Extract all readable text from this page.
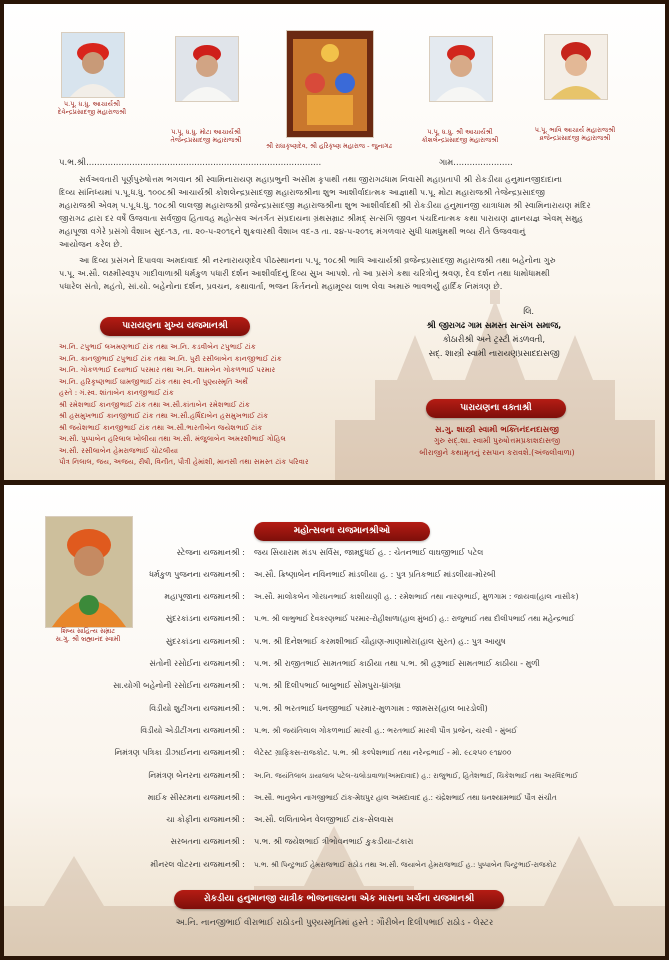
પ.પૂ. ધ.ધુ. આચાર્યશ્રી
દેવેન્દ્રપ્રસાદજી મહારાજશ્રી
પ.પૂ. ધ.ધુ. મોટા આચાર્યશ્રી
તેજેન્દ્રપ્રસાદજી મહારાજશ્રી
શ્રી રાધાકૃષ્ણદેવ, શ્રી હરિકૃષ્ણ મહારાજ - જુનાગઢ
પ.પૂ. ધ.ધુ. શ્રી આચાર્યશ્રી
કોશલેન્દ્રપ્રસાદજી મહારાજશ્રી
પ.પૂ. ભાવિ આચાર્ય મહારાજશ્રી
વ્રજેન્દ્રપ્રસાદજી મહારાજશ્રી
પ.ભ.શ્રી.......................................................................................	ગામ......................
સર્વઅવતારી પૂર્ણપુરુષોત્તમ ભગવાન શ્રી સ્વામિનારાયણ મહાપ્રભુની અસીમ કૃપાથી તથા જીરાગઢધામ નિવાસી મહાપ્રતાપી શ્રી રોકડીયા હનુમાનજીદાદાના
દિવ્ય સાંનિધ્યમાં પ.પૂ.ધ.ધુ. ૧૦૦૮શ્રી આચાર્યશ્રી કોશલેન્દ્રપ્રસાદજી મહારાજશ્રીના શુભ આશીર્વાદાત્મક આજ્ઞાથી પ.પૂ. મોટા મહારાજશ્રી તેજેન્દ્રપ્રસાદજી
મહારાજશ્રી એવમ્ પ.પૂ.ધ.ધુ. ૧૦૮શ્રી લાલજી મહારાજશ્રી વ્રજેન્દ્રપ્રસાદજી મહારાજશ્રીના શુભ આશીર્વાદથી શ્રી રોકડીયા હનુમાનજી યાત્રાધામ શ્રી સ્વામિનારાયણ મંદિર
જીરાગઢ દ્વારા દર વર્ષે ઉજવાતા સર્વજીવ હિતાવહ મહોત્સવ અંતર્ગત સંપ્રદાયના ગ્રંથસમ્રાટ શ્રીમદ્ સત્સંગિ જીવન પંચદિનાત્મક કથા પારાયણ જ્ઞાનયજ્ઞ એવમ્ સમુહ
મહાપૂજા વગેરે પ્રસંગો વૈશાખ સુદ-૧૩, તા. ૨૦-૫-૨૦૧૬ને શુક્રવારથી વૈશાખ વદ-૩ તા. ૨૪-૫-૨૦૧૬ મંગળવાર સુધી ધામધુમથી ભવ્ય રીતે ઉજવવાનું
આયોજન કરેલ છે.
આ દિવ્ય પ્રસંગને દિપાવવા અમદાવાદ શ્રી નરનારાયણદેવ પીઠસ્થાનના પ.પૂ. ૧૦૮શ્રી ભાવિ આચાર્યશ્રી વ્રજેન્દ્રપ્રસાદજી મહારાજશ્રી તથા બહેનોના ગુરુ
પ.પૂ. અ.સૌ. લક્ષ્મીસ્વરૂપ ગાદીવાળાશ્રી ધર્મકુળ પધારી દર્શન આશીર્વાદનું દિવ્ય સુખ આપશે. તો આ પ્રસંગે કથા ચરિત્રોનું શ્રવણ, દેવ દર્શન તથા ધામોધામથી
પધારેલ સંતો, મહંતો, સાં.યો. બહેનોના દર્શન, પ્રવચન, કથાવાર્તા, ભજન કિર્તનનો મહામૂલ્ય લાભ લેવા અમારું ભાવભર્યું હાર્દિક નિમંત્રણ છે.
લિ.
શ્રી જીરાગઢ ગામ સમસ્ત સત્સંગ સમાજ,
કોઠારીશ્રી અને ટ્રસ્ટી મંડળવતી,
સદ્. શાસ્ત્રી સ્વામી નારાયણપ્રસાદદાસજી
પારાયણના મુખ્ય યજમાનશ્રી
અ.નિ. ટપુભાઈ લખમણભાઈ ટાંક તથા અ.નિ. કડવીબેન ટપુભાઈ ટાંક
અ.નિ. કાનજીભાઈ ટપુભાઈ ટાંક તથા અ.નિ. પુરી રસીલાબેન કાનજીભાઈ ટાંક
અ.નિ. ગોકળભાઈ દયાભાઈ પરમાર તથા અ.નિ. શામબેન ગોકળભાઈ પરમાર
અ.નિ. હરિકૃષ્ણભાઈ ધામજીભાઈ ટાંક તથા સ્વ.ની પુણ્યસ્મૃતિ અર્થે
હસ્તે : ગં.સ્વ. શાંતાબેન કાનજીભાઈ ટાંક
શ્રી રમેશભાઈ કાનજીભાઈ ટાંક તથા અ.સૌ.કાંતાબેન રમેશભાઈ ટાંક
શ્રી હસમુખભાઈ કાનજીભાઈ ટાંક તથા અ.સૌ.હર્ષિદાબેન હસમુખભાઈ ટાંક
શ્રી જયેશભાઈ કાનજીભાઈ ટાંક તથા અ.સૌ.ભારતીબેન જયેશભાઈ ટાંક
અ.સૌ. પુષ્પાબેન હરિલાલ ખોલીયા તથા અ.સૌ. મંજુલાબેન અમરશીભાઈ ગોહિલ
અ.સૌ. રસીલાબેન હેમરાજભાઈ ચોટલીયા
પૌત્ર નિલાલ, જય, અજય, રીષી, વિનીત, પૌત્રી હેમાંશી, માનસી તથા સમસ્ત ટાંક પરિવાર
પારાયણના વક્તાશ્રી
સ.ગુ. શાસ્ત્રી સ્વામી ભક્તિનંદનદાસજી
ગુરુ સદ્.શા. સ્વામી પુરુષોત્તમપ્રકાશદાસજી
બીરાજીને કથામૃતનું રસપાન કરાવશે.(અંજલીવાળા)
શિષ્ય સાહિત્ય સમ્રાટ
સ.ગુ. શ્રી બ્રહ્માનંદ સ્વામી
મહોત્સવના યજમાનશ્રીઓ
સ્ટેજના યજમાનશ્રી : જય સિયારામ મંડપ સર્વિસ, જામદુધઈ હ. : ચેતનભાઈ વાઘજીભાઈ પટેલ
ધર્મકુળ પુજનના યજમાનશ્રી : અ.સૌ. ક્રિષ્ણાબેન નવિનભાઈ માંડલીયા હ. : પુત્ર પ્રતિકભાઈ માંડલીયા-મોરબી
મહાપૂજાના યજમાનશ્રી : અ.સૌ. માલોકબેન ગોરધનભાઈ કાશીયાણી હ. : રમેશભાઈ તથા નારણભાઈ, મુળગામ : જાયવા(હાલ નાસીક)
સુંદરકાંડના યજમાનશ્રી : પ.ભ. શ્રી લાભુભાઈ દેવકરણભાઈ પરમાર-રોહીશાળા(હાલ મુંબઈ) હ.: રાજુભાઈ તથા દીલીપભાઈ તથા મહેન્દ્રભાઈ
સુંદરકાંડના યજમાનશ્રી : પ.ભ. શ્રી દિનેશભાઈ કરમશીભાઈ ચૌહાણ-માણામોરા(હાલ સુરત) હ.: પુત્ર આયુષ
સંતોની રસોઈના યજમાનશ્રી : પ.ભ. શ્રી રાજીતભાઈ સામતભાઈ કાઠીયા તથા પ.ભ. શ્રી હરૂભાઈ સામતભાઈ કાઠીયા - મુળી
સા.યોગી બહેનોની રસોઈના યજમાનશ્રી : પ.ભ. શ્રી દિલીપભાઈ બાબુભાઈ સોમપુરા-ધ્રાંગધ્રા
વિડીયો શુટીંગના યજમાનશ્રી : પ.ભ. શ્રી ભરતભાઈ ધનજીભાઈ પરમાર-મુળગામ : જામસર(હાલ બારડોલી)
વિડીયો એડીટીંગના યજમાનશ્રી : પ.ભ. શ્રી જયંતિલાલ ગોકળભાઈ મારવી હ.: ભરતભાઈ મારવી પૌત્ર પ્રજેન, ચરવી - મુંબઈ
નિમંત્રણ પત્રિકા ડીઝાઈનના યજમાનશ્રી : લેટેસ્ટ ગ્રાફિક્સ-રાજકોટ. પ.ભ. શ્રી કલ્પેશભાઈ તથા નરેન્દ્રભાઈ - મો. ૯૮૨૫૦ ૯૧૪૦૦
નિમંત્રણ બેનરના યજમાનશ્રી : અ.નિ. જયંતિલાલ ડાયાલાલ પટેલ-ચલોડાવાળા(અમદાવાદ) હ.: રાજુભાઈ, હિતેશભાઈ, ચિકેશભાઈ તથા અરવિંદભાઈ
માઈક સીસ્ટમના યજમાનશ્રી : અ.સૌ. ભાનુબેન નાગજીભાઈ ટાંક-મેઘપુર હાલ અમદાવાદ હ.: ચંદ્રેશભાઈ તથા ધનશ્યામભાઈ પૌત્ર સંચીત
ચા કોફીના યજમાનશ્રી : અ.સૌ. લલિતાબેન વેલજીભાઈ ટાંક-સેલવાસ
સરબતના યજમાનશ્રી : પ.ભ. શ્રી જયેશભાઈ ત્રીભોવનભાઈ કુકડીયા-ટંકારા
મીનરલ વોટરના યજમાનશ્રી : પ.ભ. શ્રી પિન્ટુભાઈ હેમરાજભાઈ રાઠોડ તથા અ.સૌ. જયાબેન હેમરાજભાઈ હ.: પુષ્પાબેન પિન્ટુભાઈ-રાજકોટ
રોકડીયા હનુમાનજી યાત્રીક ભોજનાલયના એક માસના ખર્ચના યજમાનશ્રી
અ.નિ. નાનજીભાઈ વીરાભાઈ રાઠોડની પુણ્યસ્મૃતિમાં હસ્તે : ગૌરીબેન દિલીપભાઈ રાઠોડ - લેસ્ટર
